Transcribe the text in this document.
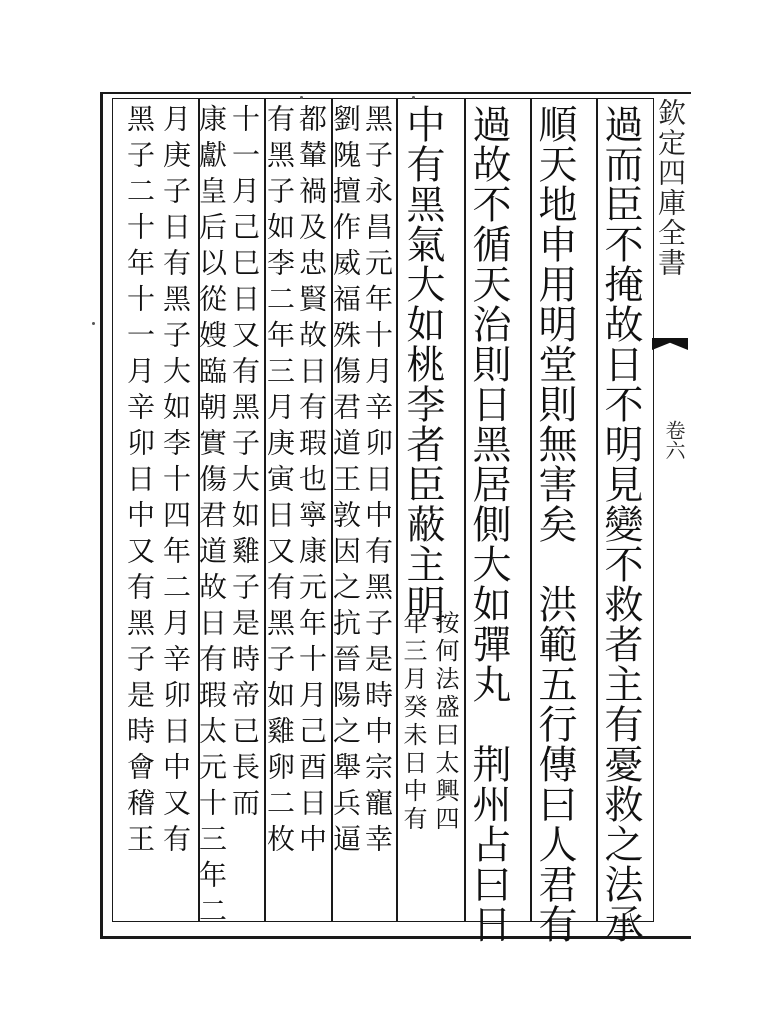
欽定四庫全書
卷六
過而臣不掩故日不明見變不救者主有憂救之法承
順天地申用明堂則無害矣　洪範五行傳曰人君有
過故不循天治則日黑居側大如彈丸　荆州占曰日
中有黑氣大如桃李者臣蔽主明
按何法盛曰太興四
年三月癸未日中有
黑子永昌元年十月辛卯日中有黑子是時中宗寵幸
劉隗擅作威福殊傷君道王敦因之抗晉陽之舉兵逼
都輦禍及忠賢故日有瑕也寧康元年十月己酉日中
有黑子如李二年三月庚寅日又有黑子如雞卵二枚
十一月己巳日又有黑子大如雞子是時帝已長而
康獻皇后以從嫂臨朝實傷君道故日有瑕太元十三年二
月庚子日有黑子大如李十四年二月辛卯日中又有
黑子二十年十一月辛卯日中又有黑子是時會稽王
